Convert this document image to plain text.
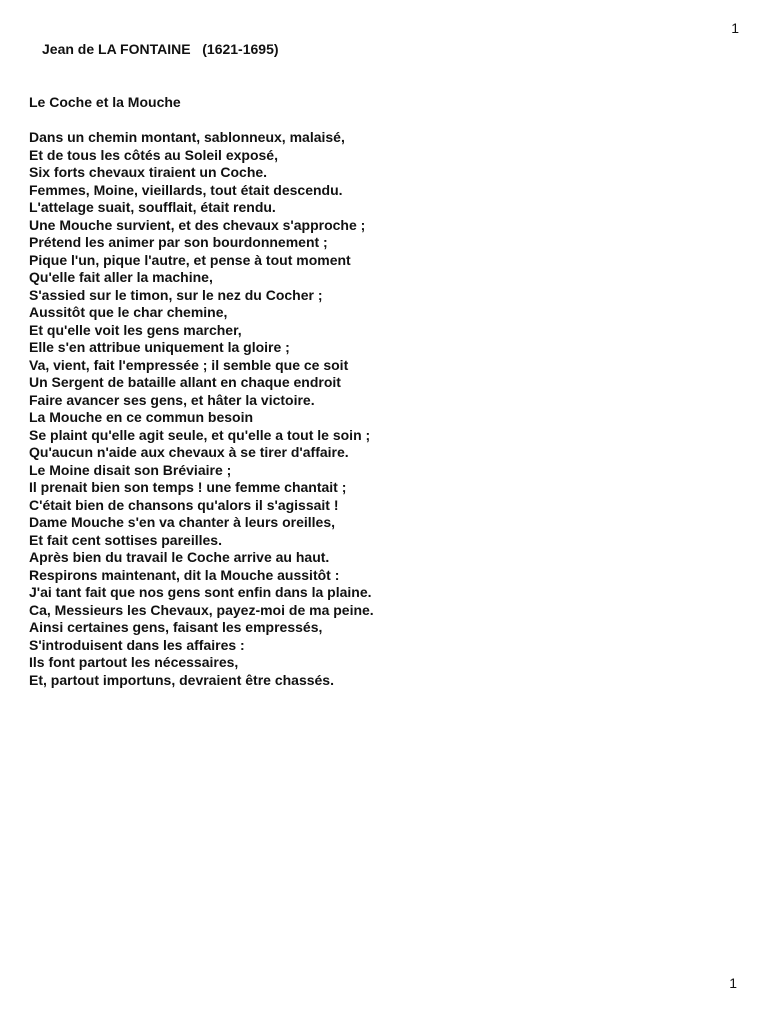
1
Jean de LA FONTAINE   (1621-1695)
Le Coche et la Mouche
Dans un chemin montant, sablonneux, malaisé,
Et de tous les côtés au Soleil exposé,
Six forts chevaux tiraient un Coche.
Femmes, Moine, vieillards, tout était descendu.
L'attelage suait, soufflait, était rendu.
Une Mouche survient, et des chevaux s'approche ;
Prétend les animer par son bourdonnement ;
Pique l'un, pique l'autre, et pense à tout moment
Qu'elle fait aller la machine,
S'assied sur le timon, sur le nez du Cocher ;
Aussitôt que le char chemine,
Et qu'elle voit les gens marcher,
Elle s'en attribue uniquement la gloire ;
Va, vient, fait l'empressée ; il semble que ce soit
Un Sergent de bataille allant en chaque endroit
Faire avancer ses gens, et hâter la victoire.
La Mouche en ce commun besoin
Se plaint qu'elle agit seule, et qu'elle a tout le soin ;
Qu'aucun n'aide aux chevaux à se tirer d'affaire.
Le Moine disait son Bréviaire ;
Il prenait bien son temps ! une femme chantait ;
C'était bien de chansons qu'alors il s'agissait !
Dame Mouche s'en va chanter à leurs oreilles,
Et fait cent sottises pareilles.
Après bien du travail le Coche arrive au haut.
Respirons maintenant, dit la Mouche aussitôt :
J'ai tant fait que nos gens sont enfin dans la plaine.
Ca, Messieurs les Chevaux, payez-moi de ma peine.
Ainsi certaines gens, faisant les empressés,
S'introduisent dans les affaires :
Ils font partout les nécessaires,
Et, partout importuns, devraient être chassés.
1
